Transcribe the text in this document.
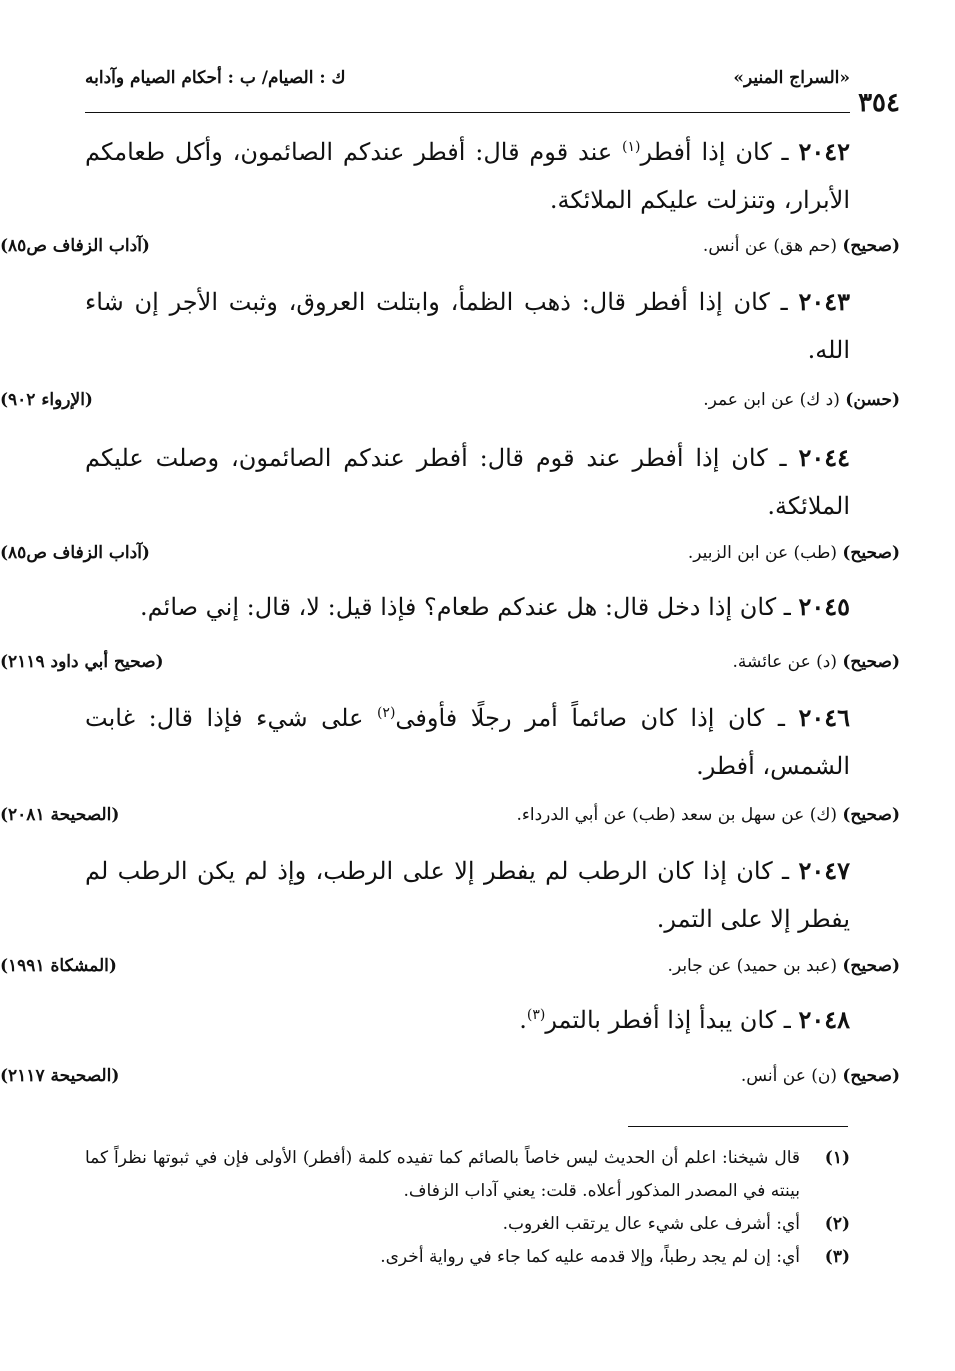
٣٥٤
«السراج المنير»
ك : الصيام/ ب : أحكام الصيام وآدابه

٢٠٤٢ ـ كان إذا أفطر$^{(١)}$ عند قوم قال: أفطر عندكم الصائمون، وأكل طعامكم الأبرار، وتنزلت عليكم الملائكة.

(صحيح) (حم هق) عن أنس.
(آداب الزفاف ص٨٥)

٢٠٤٣ ـ كان إذا أفطر قال: ذهب الظمأ، وابتلت العروق، وثبت الأجر إن شاء الله.

(حسن) (د ك) عن ابن عمر.
(الإرواء ٩٠٢)

٢٠٤٤ ـ كان إذا أفطر عند قوم قال: أفطر عندكم الصائمون، وصلت عليكم الملائكة.

(صحيح) (طب) عن ابن الزبير.
(آداب الزفاف ص٨٥)

٢٠٤٥ ـ كان إذا دخل قال: هل عندكم طعام؟ فإذا قيل: لا، قال: إني صائم.

(صحيح) (د) عن عائشة.
(صحيح أبي داود ٢١١٩)

٢٠٤٦ ـ كان إذا كان صائماً أمر رجلًا فأوفى$^{(٢)}$ على شيء فإذا قال: غابت الشمس، أفطر.

(صحيح) (ك) عن سهل بن سعد (طب) عن أبي الدرداء.
(الصحيحة ٢٠٨١)

٢٠٤٧ ـ كان إذا كان الرطب لم يفطر إلا على الرطب، وإذ لم يكن الرطب لم يفطر إلا على التمر.

(صحيح) (عبد بن حميد) عن جابر.
(المشكاة ١٩٩١)

٢٠٤٨ ـ كان يبدأ إذا أفطر بالتمر$^{(٣)}$.

(صحيح) (ن) عن أنس.
(الصحيحة ٢١١٧)
(١)
قال شيخنا: اعلم أن الحديث ليس خاصاً بالصائم كما تفيده كلمة (أفطر) الأولى فإن في ثبوتها نظراً كما بينته في المصدر المذكور أعلاه. قلت: يعني آداب الزفاف.
(٢)
أي: أشرف على شيء عال يرتقب الغروب.
(٣)
أي: إن لم يجد رطباً، وإلا قدمه عليه كما جاء في رواية أخرى.
